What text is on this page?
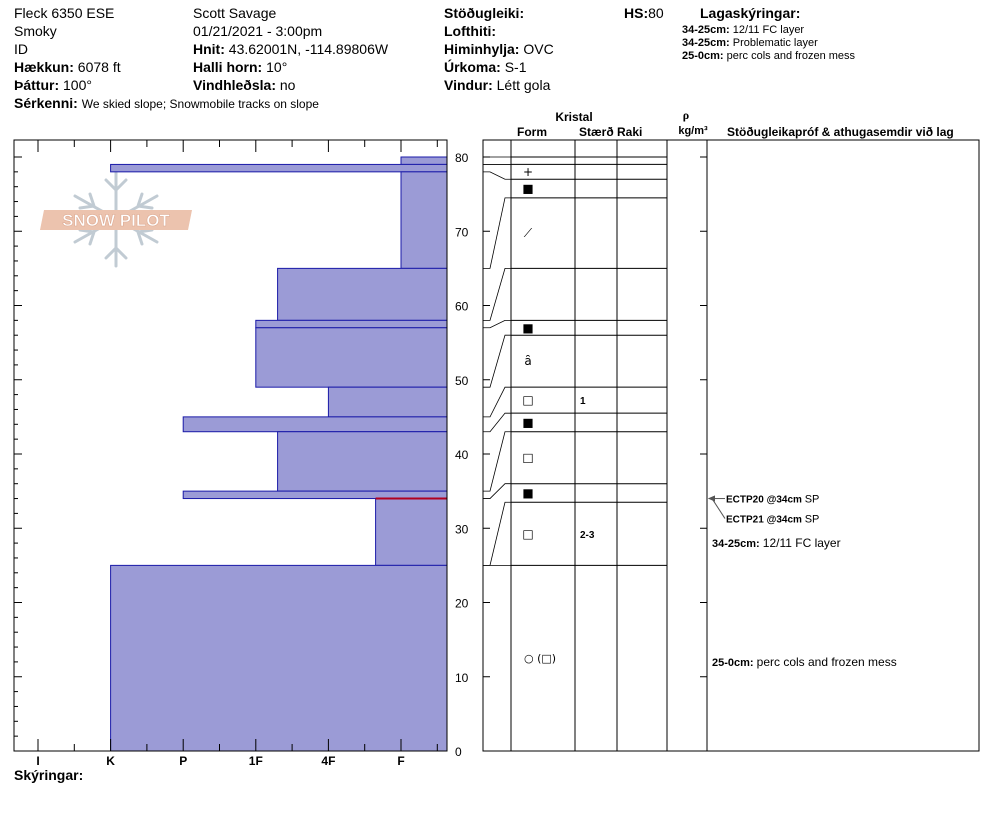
Fleck 6350 ESE
Smoky
ID
Hækkun: 6078 ft
Þáttur: 100°
Sérkenni: We skied slope; Snowmobile tracks on slope
Scott Savage
01/21/2021 - 3:00pm
Hnit: 43.62001N, -114.89806W
Halli horn: 10°
Vindhleðsla: no
Stöðugleiki:
Lofthiti:
Himinhylja: OVC
Úrkoma: S-1
Vindur: Létt gola
HS:80	Lagaskýringar:
34-25cm: 12/11 FC layer
34-25cm: Problematic layer
25-0cm: perc cols and frozen mess
Skýringar:
SNOW PILOT
I	K	P	1F	4F	F
0
10
20
30
40
50
60
70
80
Kristal
Form	Stærð Raki
ρ
kg/m³ Stöðugleikapróf & athugasemdir við lag
+
■
⟋
■
ȃ
□	1
■
□
■
□	2-3
○ (□)
ECTP20 @34cm SP
ECTP21 @34cm SP
34-25cm: 12/11 FC layer
25-0cm: perc cols and frozen mess
